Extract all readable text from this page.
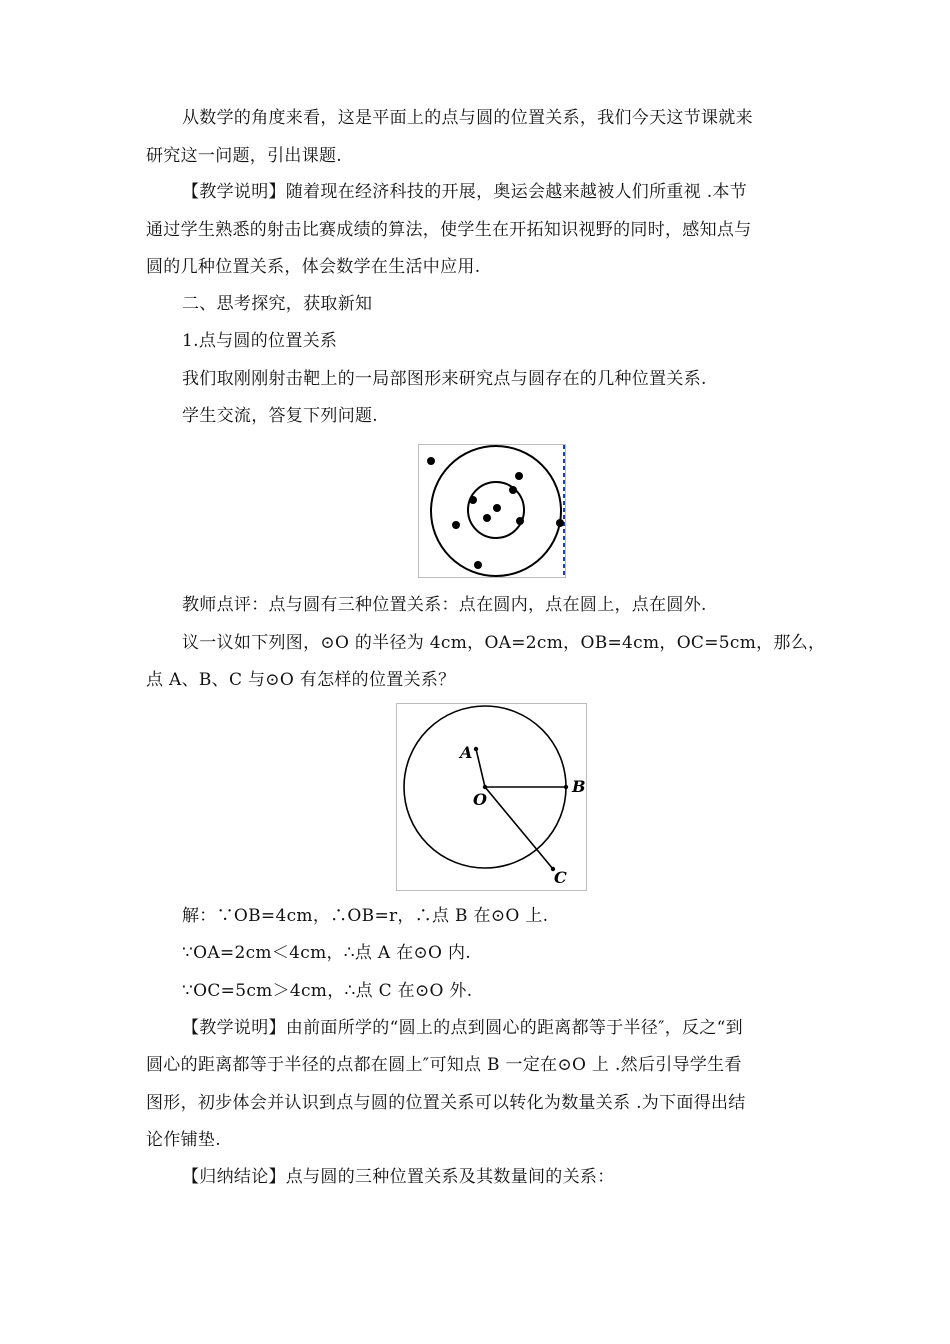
从数学的角度来看，这是平面上的点与圆的位置关系，我们今天这节课就来
研究这一问题，引出课题.
【教学说明】随着现在经济科技的开展，奥运会越来越被人们所重视 .本节
通过学生熟悉的射击比赛成绩的算法，使学生在开拓知识视野的同时，感知点与
圆的几种位置关系，体会数学在生活中应用.
二、思考探究，获取新知
1.点与圆的位置关系
我们取刚刚射击靶上的一局部图形来研究点与圆存在的几种位置关系.
学生交流，答复下列问题.
教师点评：点与圆有三种位置关系：点在圆内，点在圆上，点在圆外.
议一议如下列图，⊙O 的半径为 4cm，OA=2cm，OB=4cm，OC=5cm，那么，
点 A、B、C 与⊙O 有怎样的位置关系？
A
B
C
O
解：∵OB=4cm，∴OB=r，∴点 B 在⊙O 上.
∵OA=2cm＜4cm，∴点 A 在⊙O 内.
∵OC=5cm＞4cm，∴点 C 在⊙O 外.
【教学说明】由前面所学的“圆上的点到圆心的距离都等于半径″，反之“到
圆心的距离都等于半径的点都在圆上″可知点 B 一定在⊙O 上 .然后引导学生看
图形，初步体会并认识到点与圆的位置关系可以转化为数量关系 .为下面得出结
论作铺垫.
【归纳结论】点与圆的三种位置关系及其数量间的关系：
